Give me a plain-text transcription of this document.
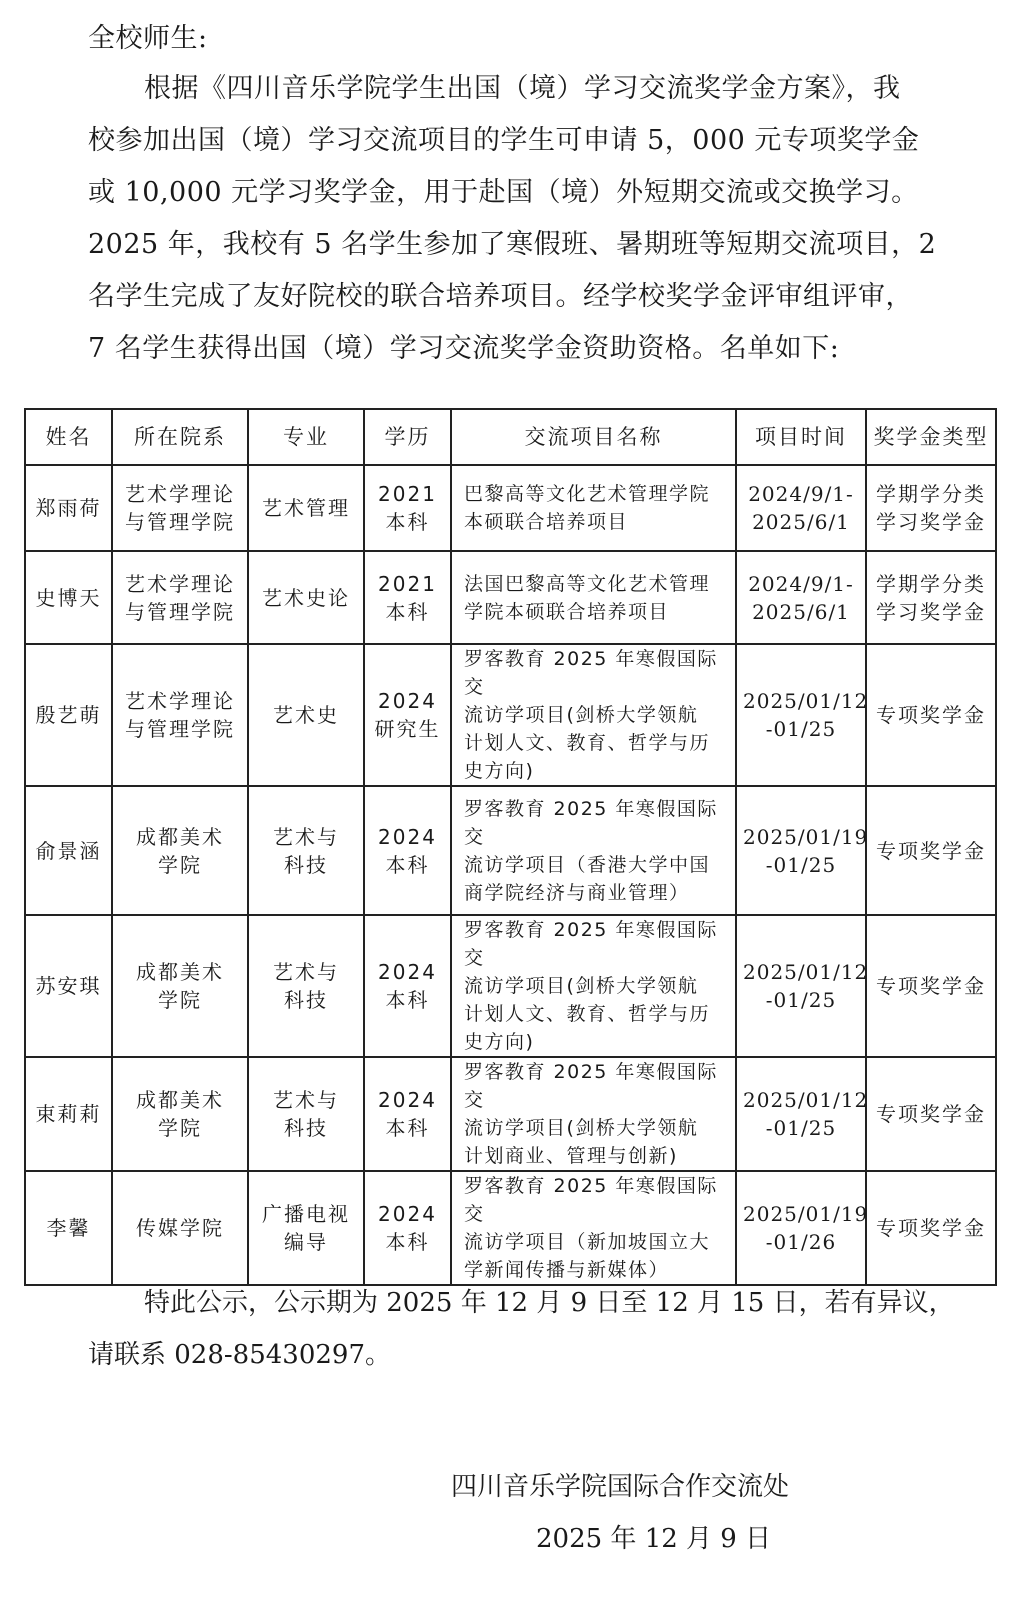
全校师生:
根据《四川音乐学院学生出国（境）学习交流奖学金方案》，我
校参加出国（境）学习交流项目的学生可申请 5，000 元专项奖学金
或 10,000 元学习奖学金，用于赴国（境）外短期交流或交换学习。
2025 年，我校有 5 名学生参加了寒假班、暑期班等短期交流项目，2
名学生完成了友好院校的联合培养项目。经学校奖学金评审组评审，
7 名学生获得出国（境）学习交流奖学金资助资格。名单如下:
姓名	所在院系	专业	学历	交流项目名称	项目时间	奖学金类型
郑雨荷	艺术学理论
与管理学院	艺术管理	2021
本科	巴黎高等文化艺术管理学院
本硕联合培养项目	2024/9/1-
2025/6/1	学期学分类
学习奖学金

史博天	艺术学理论
与管理学院	艺术史论	2021
本科	法国巴黎高等文化艺术管理
学院本硕联合培养项目	2024/9/1-
2025/6/1	学期学分类
学习奖学金

殷艺萌	艺术学理论
与管理学院	艺术史	2024
研究生	罗客教育 2025 年寒假国际交
流访学项目(剑桥大学领航
计划人文、教育、哲学与历
史方向)	2025/01/12
-01/25	专项奖学金

俞景涵	成都美术
学院	艺术与
科技	2024
本科	罗客教育 2025 年寒假国际交
流访学项目（香港大学中国
商学院经济与商业管理）	2025/01/19
-01/25	专项奖学金

苏安琪	成都美术
学院	艺术与
科技	2024
本科	罗客教育 2025 年寒假国际交
流访学项目(剑桥大学领航
计划人文、教育、哲学与历
史方向)	2025/01/12
-01/25	专项奖学金

束莉莉	成都美术
学院	艺术与
科技	2024
本科	罗客教育 2025 年寒假国际交
流访学项目(剑桥大学领航
计划商业、管理与创新)	2025/01/12
-01/25	专项奖学金

李馨	传媒学院	广播电视
编导	2024
本科	罗客教育 2025 年寒假国际交
流访学项目（新加坡国立大
学新闻传播与新媒体）	2025/01/19
-01/26	专项奖学金
特此公示，公示期为 2025 年 12 月 9 日至 12 月 15 日，若有异议，
请联系 028-85430297。
四川音乐学院国际合作交流处
2025 年 12 月 9 日
